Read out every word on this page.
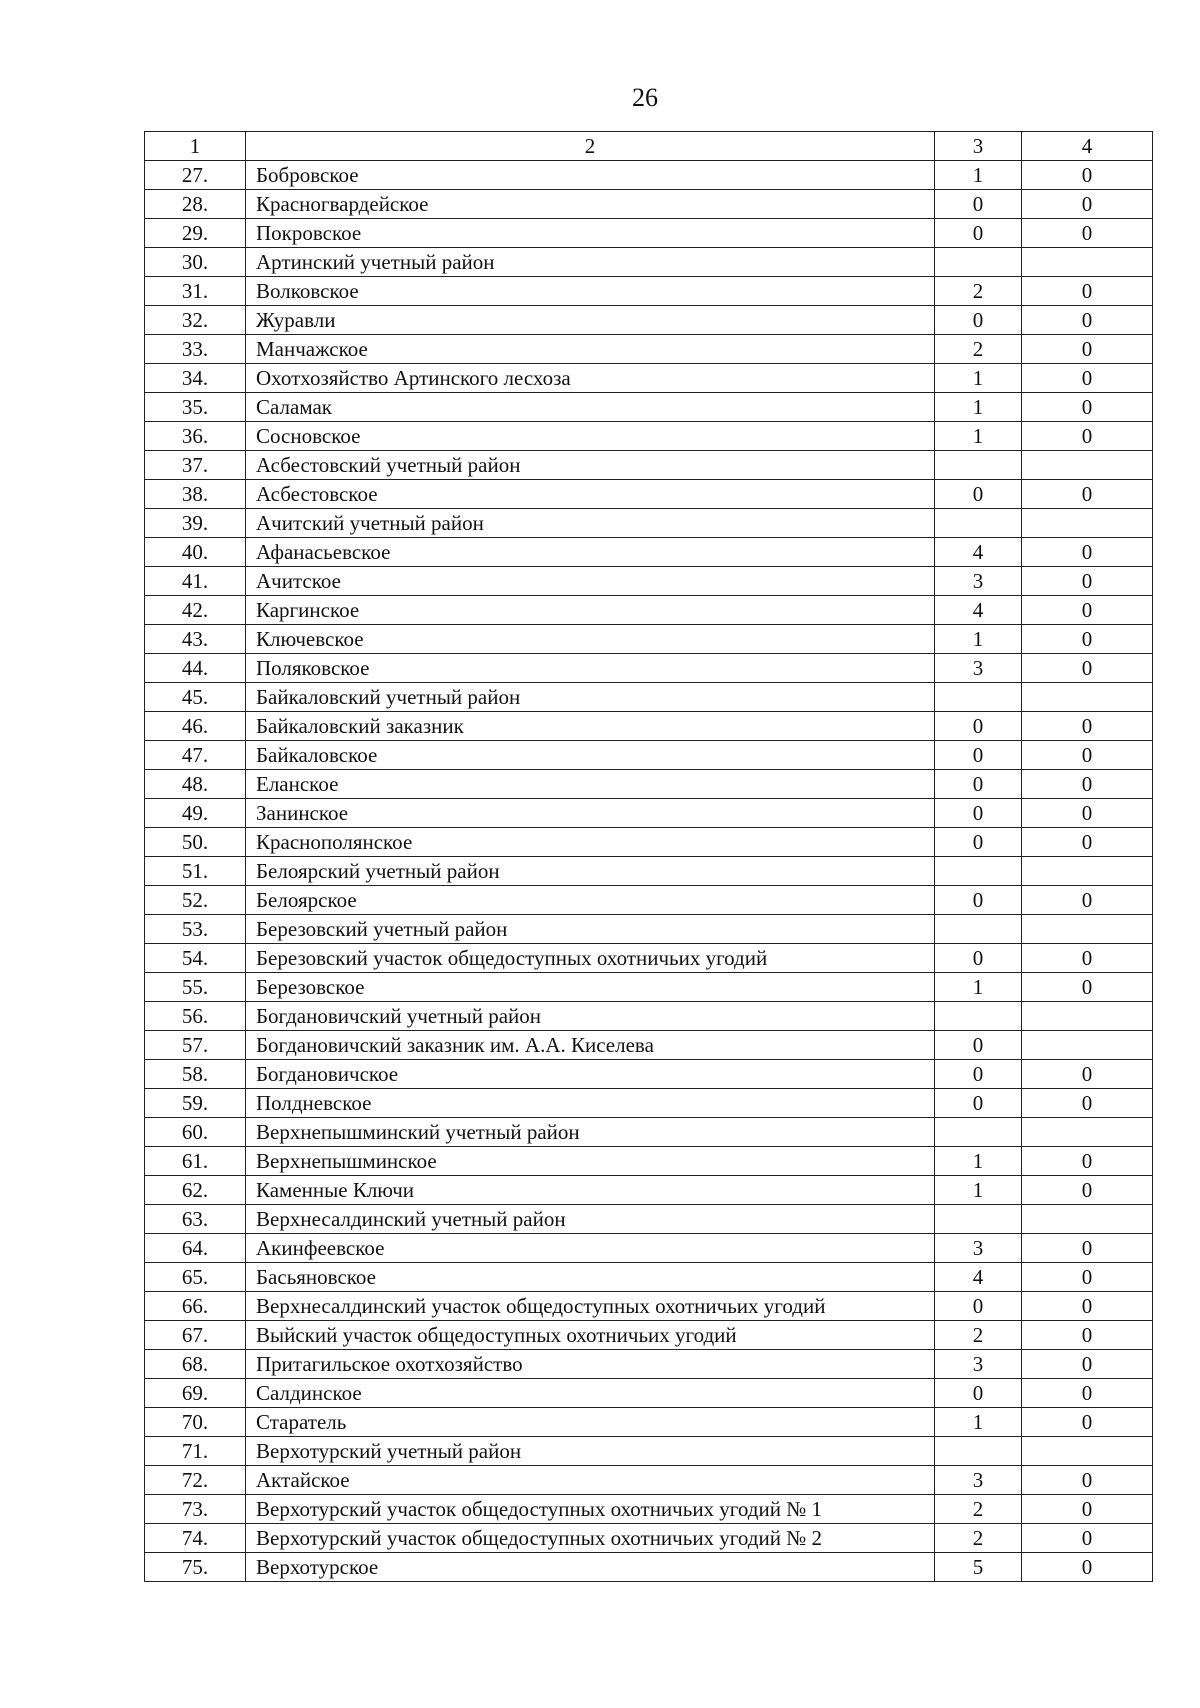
26
1	2	3	4
27.	Бобровское	1	0
28.	Красногвардейское	0	0
29.	Покровское	0	0
30.	Артинский учетный район		
31.	Волковское	2	0
32.	Журавли	0	0
33.	Манчажское	2	0
34.	Охотхозяйство Артинского лесхоза	1	0
35.	Саламак	1	0
36.	Сосновское	1	0
37.	Асбестовский учетный район		
38.	Асбестовское	0	0
39.	Ачитский учетный район		
40.	Афанасьевское	4	0
41.	Ачитское	3	0
42.	Каргинское	4	0
43.	Ключевское	1	0
44.	Поляковское	3	0
45.	Байкаловский учетный район		
46.	Байкаловский заказник	0	0
47.	Байкаловское	0	0
48.	Еланское	0	0
49.	Занинское	0	0
50.	Краснополянское	0	0
51.	Белоярский учетный район		
52.	Белоярское	0	0
53.	Березовский учетный район		
54.	Березовский участок общедоступных охотничьих угодий	0	0
55.	Березовское	1	0
56.	Богдановичский учетный район		
57.	Богдановичский заказник им. А.А. Киселева	0	
58.	Богдановичское	0	0
59.	Полдневское	0	0
60.	Верхнепышминский учетный район		
61.	Верхнепышминское	1	0
62.	Каменные Ключи	1	0
63.	Верхнесалдинский учетный район		
64.	Акинфеевское	3	0
65.	Басьяновское	4	0
66.	Верхнесалдинский участок общедоступных охотничьих угодий	0	0
67.	Выйский участок общедоступных охотничьих угодий	2	0
68.	Притагильское охотхозяйство	3	0
69.	Салдинское	0	0
70.	Старатель	1	0
71.	Верхотурский учетный район		
72.	Актайское	3	0
73.	Верхотурский участок общедоступных охотничьих угодий № 1	2	0
74.	Верхотурский участок общедоступных охотничьих угодий № 2	2	0
75.	Верхотурское	5	0
